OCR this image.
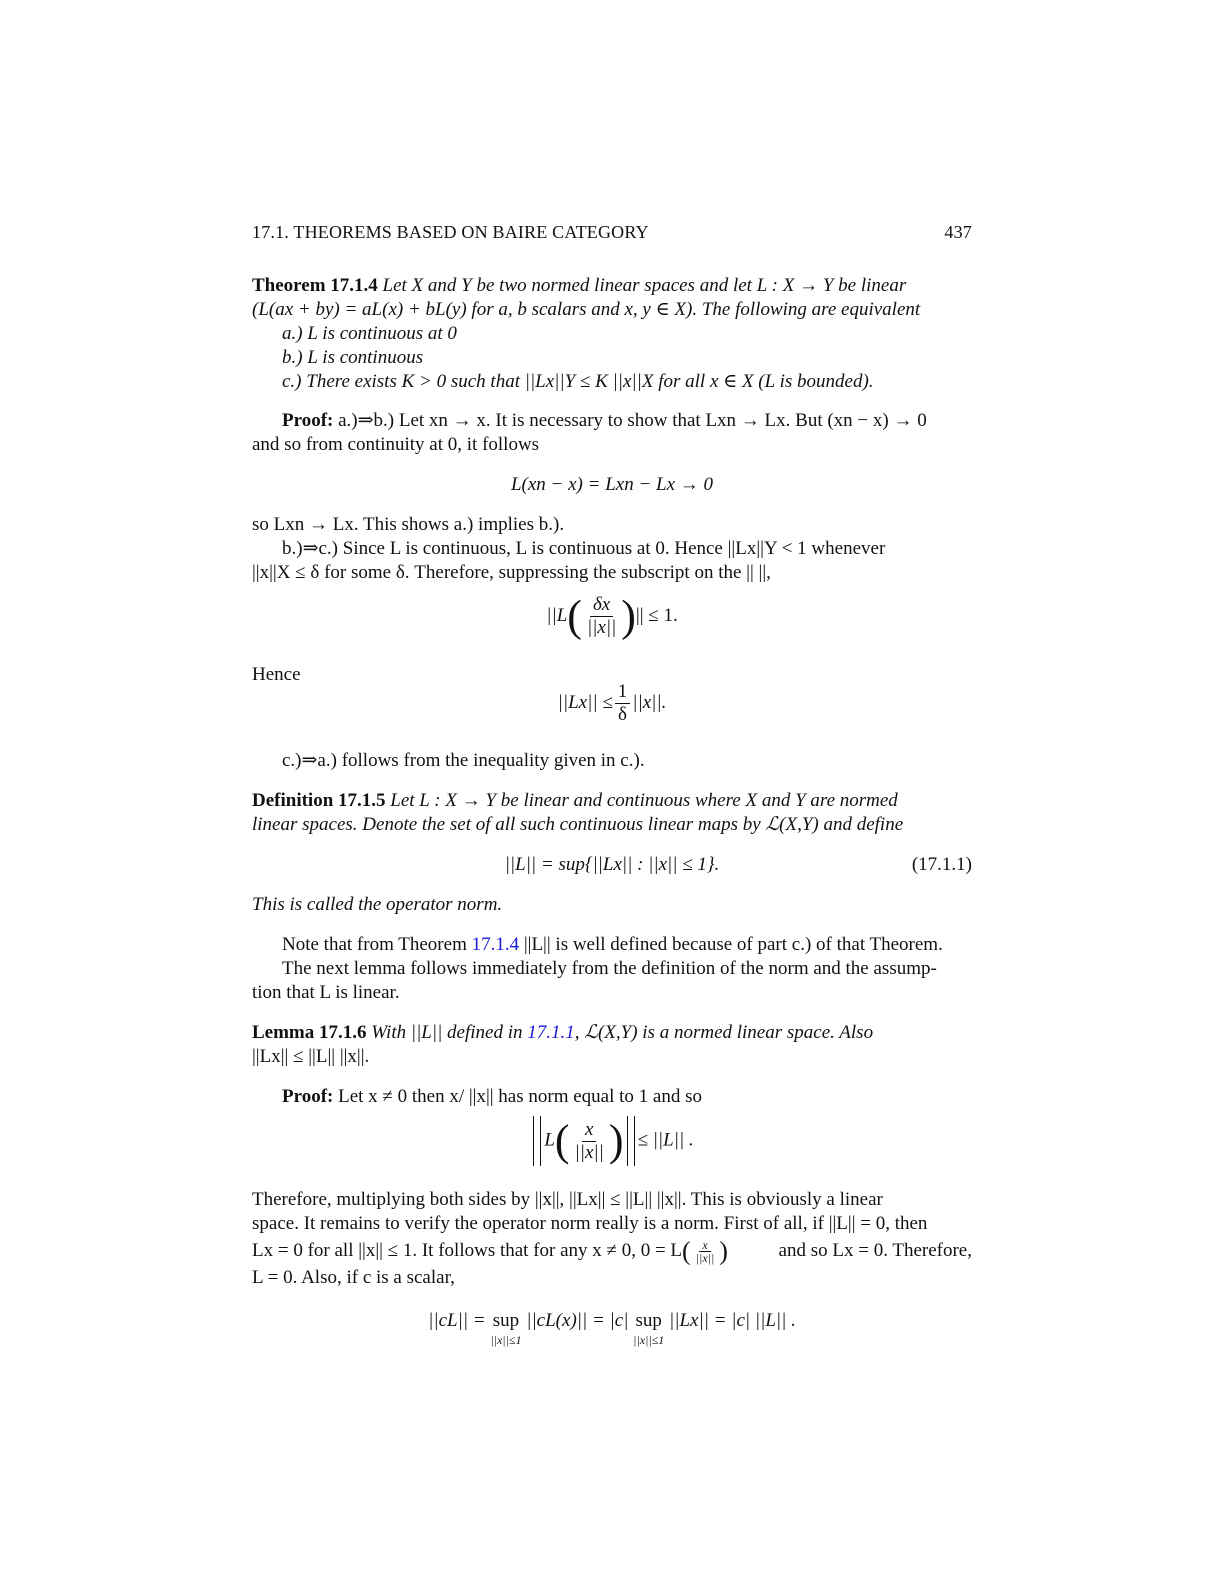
17.1. THEOREMS BASED ON BAIRE CATEGORY	437
Theorem 17.1.4 Let X and Y be two normed linear spaces and let L : X → Y be linear
(L(ax + by) = aL(x) + bL(y) for a, b scalars and x, y ∈ X). The following are equivalent
a.) L is continuous at 0
b.) L is continuous
c.) There exists K > 0 such that ||Lx||Y ≤ K ||x||X for all x ∈ X (L is bounded).
Proof: a.)⇒b.) Let xn → x. It is necessary to show that Lxn → Lx. But (xn − x) → 0
and so from continuity at 0, it follows
L(xn − x) = Lxn − Lx → 0
so Lxn → Lx. This shows a.) implies b.).
b.)⇒c.) Since L is continuous, L is continuous at 0. Hence ||Lx||Y < 1 whenever
||x||X ≤ δ for some δ. Therefore, suppressing the subscript on the || ||,
$||L( \frac{\delta x}{||x||}$ )|| ≤ 1.
Hence
$||Lx|| \le \frac{1}{\delta} ||x||$.
c.)⇒a.) follows from the inequality given in c.).
Definition 17.1.5 Let L : X → Y be linear and continuous where X and Y are normed
linear spaces. Denote the set of all such continuous linear maps by ℒ(X,Y) and define
||L|| = sup{||Lx|| : ||x|| ≤ 1}.	(17.1.1)
This is called the operator norm.
Note that from Theorem 17.1.4 ||L|| is well defined because of part c.) of that Theorem.
The next lemma follows immediately from the definition of the norm and the assump-
tion that L is linear.
Lemma 17.1.6 With ||L|| defined in 17.1.1, ℒ(X,Y) is a normed linear space. Also
||Lx|| ≤ ||L|| ||x||.
Proof: Let x ≠ 0 then x/ ||x|| has norm equal to 1 and so
$L( \frac{x}{||x||}$ ) ≤ ||L|| .
Therefore, multiplying both sides by ||x||, ||Lx|| ≤ ||L|| ||x||. This is obviously a linear
space. It remains to verify the operator norm really is a norm. First of all, if ||L|| = 0, then
Lx = 0 for all ||x|| ≤ 1. It follows that for any x ≠ 0, $0 = L( \frac{x}{||x||}$ )	and so Lx = 0. Therefore,
L = 0. Also, if c is a scalar,
||cL|| = sup
||x||≤1
||cL(x)|| = |c| sup
||x||≤1
||Lx|| = |c| ||L|| .
